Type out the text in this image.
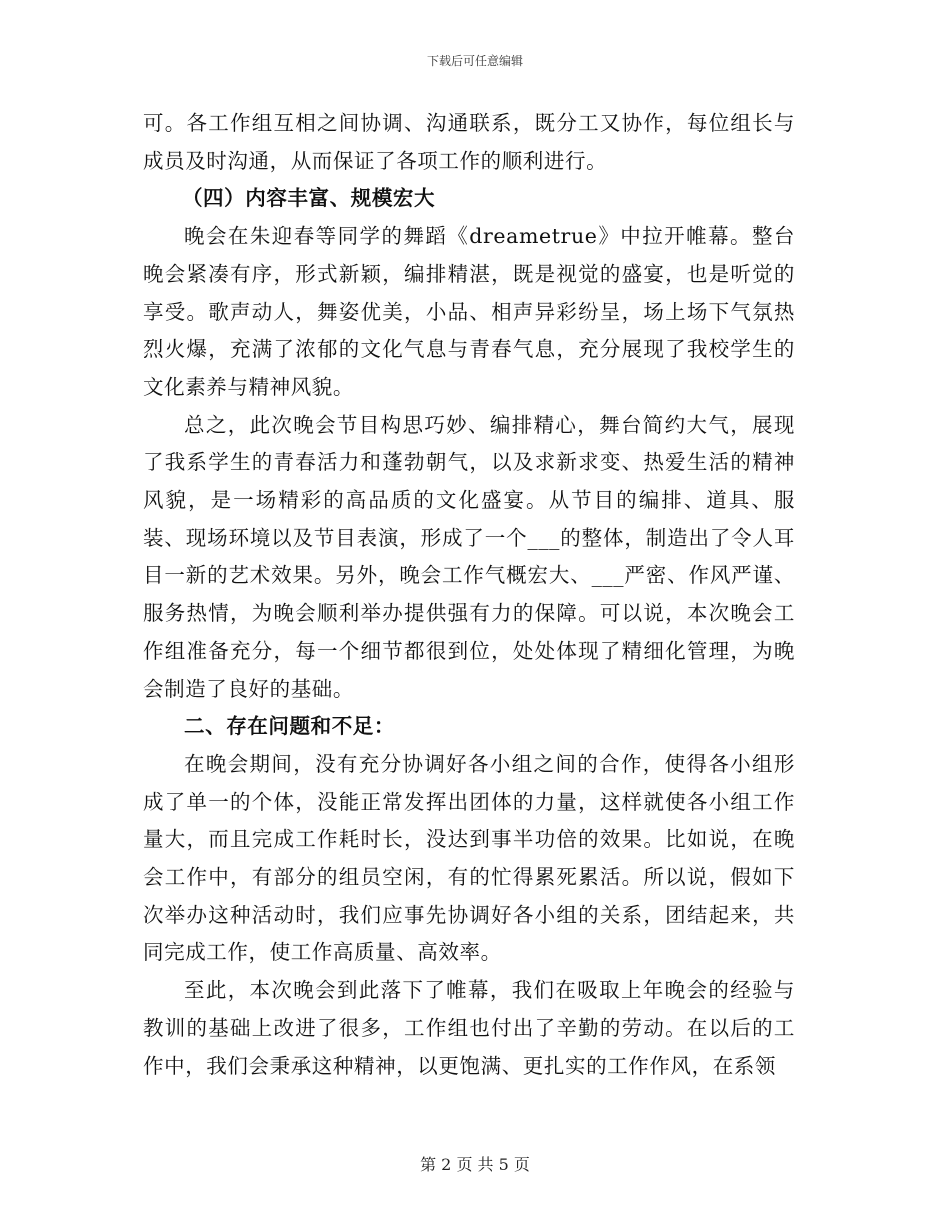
下载后可任意编辑

可。各工作组互相之间协调、沟通联系，既分工又协作，每位组长与成员及时沟通，从而保证了各项工作的顺利进行。

（四）内容丰富、规模宏大

晚会在朱迎春等同学的舞蹈《dreametrue》中拉开帷幕。整台晚会紧凑有序，形式新颖，编排精湛，既是视觉的盛宴，也是听觉的享受。歌声动人，舞姿优美，小品、相声异彩纷呈，场上场下气氛热烈火爆，充满了浓郁的文化气息与青春气息，充分展现了我校学生的文化素养与精神风貌。

总之，此次晚会节目构思巧妙、编排精心，舞台简约大气，展现了我系学生的青春活力和蓬勃朝气，以及求新求变、热爱生活的精神风貌，是一场精彩的高品质的文化盛宴。从节目的编排、道具、服装、现场环境以及节目表演，形成了一个___的整体，制造出了令人耳目一新的艺术效果。另外，晚会工作气概宏大、___严密、作风严谨、服务热情，为晚会顺利举办提供强有力的保障。可以说，本次晚会工作组准备充分，每一个细节都很到位，处处体现了精细化管理，为晚会制造了良好的基础。

二、存在问题和不足：

在晚会期间，没有充分协调好各小组之间的合作，使得各小组形成了单一的个体，没能正常发挥出团体的力量，这样就使各小组工作量大，而且完成工作耗时长，没达到事半功倍的效果。比如说，在晚会工作中，有部分的组员空闲，有的忙得累死累活。所以说，假如下次举办这种活动时，我们应事先协调好各小组的关系，团结起来，共同完成工作，使工作高质量、高效率。

至此，本次晚会到此落下了帷幕，我们在吸取上年晚会的经验与教训的基础上改进了很多，工作组也付出了辛勤的劳动。在以后的工作中，我们会秉承这种精神，以更饱满、更扎实的工作作风，在系领

第 2 页 共 5 页
